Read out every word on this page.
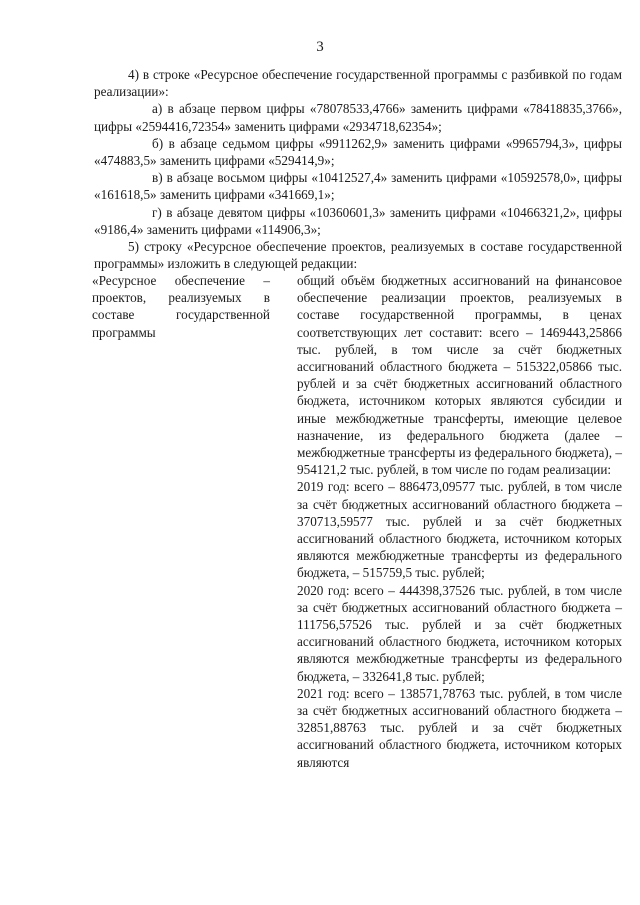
3

4) в строке «Ресурсное обеспечение государственной программы с разбивкой по годам реализации»:

а) в абзаце первом цифры «78078533,4766» заменить цифрами «78418835,3766», цифры «2594416,72354» заменить цифрами «2934718,62354»;

б) в абзаце седьмом цифры «9911262,9» заменить цифрами «9965794,3», цифры «474883,5» заменить цифрами «529414,9»;

в) в абзаце восьмом цифры «10412527,4» заменить цифрами «10592578,0», цифры «161618,5» заменить цифрами «341669,1»;

г) в абзаце девятом цифры «10360601,3» заменить цифрами «10466321,2», цифры «9186,4» заменить цифрами «114906,3»;

5) строку «Ресурсное обеспечение проектов, реализуемых в составе государственной программы» изложить в следующей редакции:

«Ресурсное обеспечение – проектов, реализуемых в составе государственной программы

общий объём бюджетных ассигнований на финансовое обеспечение реализации проектов, реализуемых в составе государственной программы, в ценах соответствующих лет составит: всего – 1469443,25866 тыс. рублей, в том числе за счёт бюджетных ассигнований областного бюджета – 515322,05866 тыс. рублей и за счёт бюджетных ассигнований областного бюджета, источником которых являются субсидии и иные межбюджетные трансферты, имеющие целевое назначение, из федерального бюджета (далее – межбюджетные трансферты из федерального бюджета), – 954121,2 тыс. рублей, в том числе по годам реализации:

2019 год: всего – 886473,09577 тыс. рублей, в том числе за счёт бюджетных ассигнований областного бюджета – 370713,59577 тыс. рублей и за счёт бюджетных ассигнований областного бюджета, источником которых являются межбюджетные трансферты из федерального бюджета, – 515759,5 тыс. рублей;

2020 год: всего – 444398,37526 тыс. рублей, в том числе за счёт бюджетных ассигнований областного бюджета – 111756,57526 тыс. рублей и за счёт бюджетных ассигнований областного бюджета, источником которых являются межбюджетные трансферты из федерального бюджета, – 332641,8 тыс. рублей;

2021 год: всего – 138571,78763 тыс. рублей, в том числе за счёт бюджетных ассигнований областного бюджета – 32851,88763 тыс. рублей и за счёт бюджетных ассигнований областного бюджета, источником которых являются
